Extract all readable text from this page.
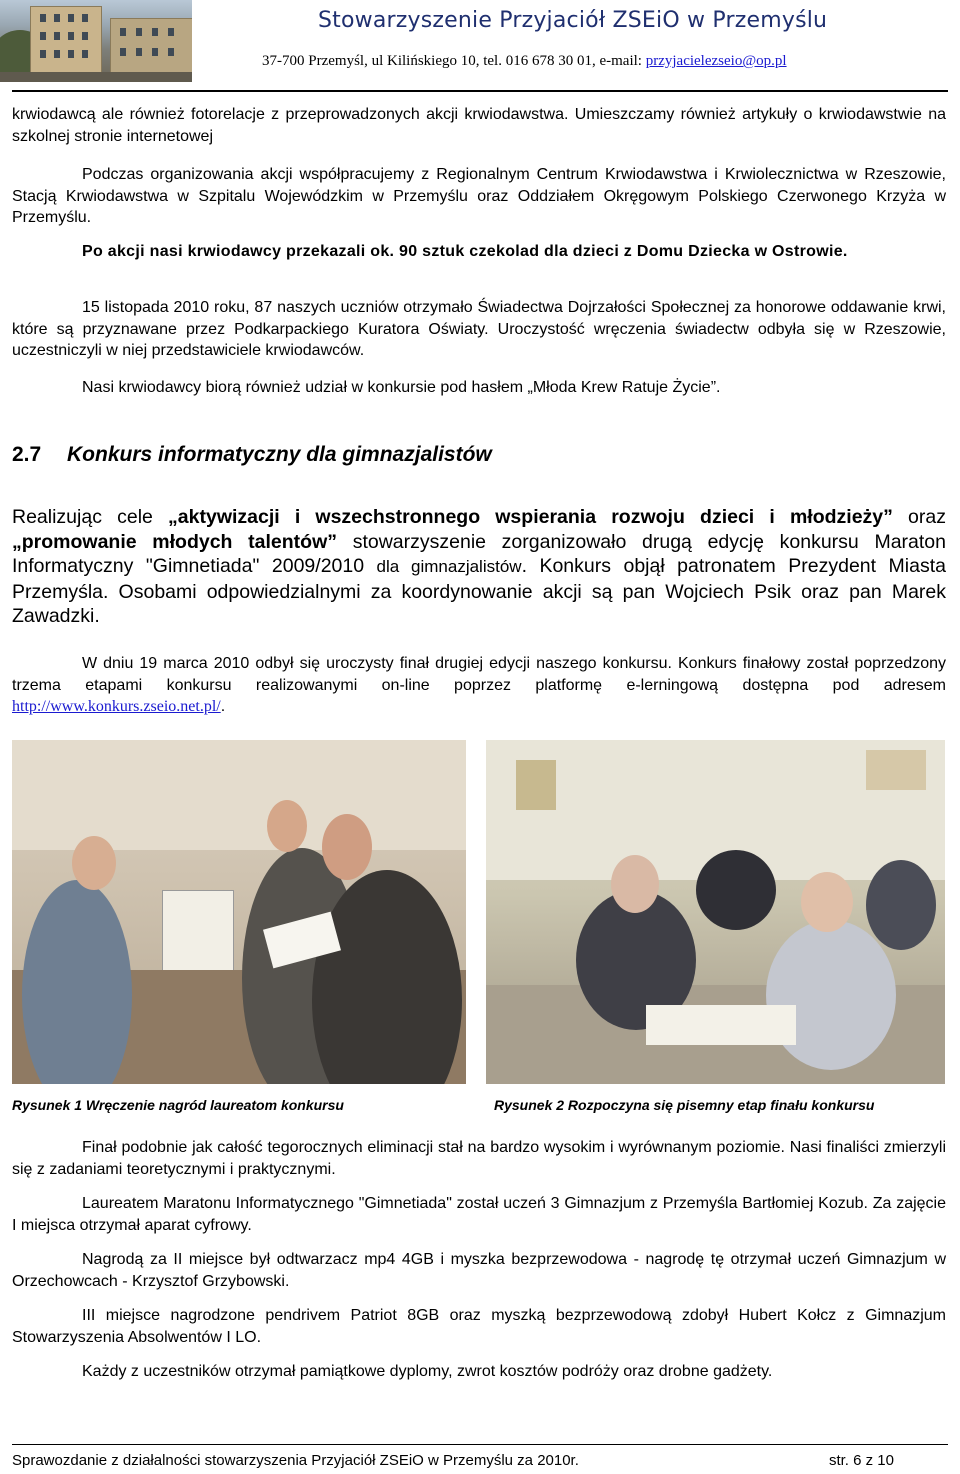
Stowarzyszenie Przyjaciół ZSEiO w Przemyślu
37-700 Przemyśl, ul Kilińskiego 10, tel. 016 678 30 01, e-mail: przyjacielezseio@op.pl
krwiodawcą ale również fotorelacje z przeprowadzonych akcji krwiodawstwa. Umieszczamy również artykuły o krwiodawstwie na szkolnej stronie internetowej
Podczas organizowania akcji współpracujemy z Regionalnym Centrum Krwiodawstwa i Krwiolecznictwa w Rzeszowie, Stacją Krwiodawstwa w Szpitalu Wojewódzkim w Przemyślu oraz Oddziałem Okręgowym Polskiego Czerwonego Krzyża w Przemyślu.
Po akcji nasi krwiodawcy przekazali ok. 90 sztuk czekolad dla dzieci z Domu Dziecka w Ostrowie.
15 listopada 2010 roku, 87 naszych uczniów otrzymało Świadectwa Dojrzałości Społecznej za honorowe oddawanie krwi, które są przyznawane przez Podkarpackiego Kuratora Oświaty. Uroczystość wręczenia świadectw odbyła się w Rzeszowie, uczestniczyli w niej przedstawiciele krwiodawców.
Nasi krwiodawcy biorą również udział w konkursie pod hasłem „Młoda Krew Ratuje Życie”.
2.7 Konkurs informatyczny dla gimnazjalistów
Realizując cele „aktywizacji i wszechstronnego wspierania rozwoju dzieci i młodzieży” oraz „promowanie młodych talentów” stowarzyszenie zorganizowało drugą edycję konkursu Maraton Informatyczny "Gimnetiada" 2009/2010 dla gimnazjalistów. Konkurs objął patronatem Prezydent Miasta Przemyśla. Osobami odpowiedzialnymi za koordynowanie akcji są pan Wojciech Psik oraz pan Marek Zawadzki.
W dniu 19 marca 2010 odbył się uroczysty finał drugiej edycji naszego konkursu. Konkurs finałowy został poprzedzony trzema etapami konkursu realizowanymi on-line poprzez platformę e-lerningową dostępna pod adresem http://www.konkurs.zseio.net.pl/.
Rysunek 1 Wręczenie nagród laureatom konkursu	Rysunek 2 Rozpoczyna się pisemny etap finału konkursu
Finał podobnie jak całość tegorocznych eliminacji stał na bardzo wysokim i wyrównanym poziomie. Nasi finaliści zmierzyli się z zadaniami teoretycznymi i praktycznymi.
Laureatem Maratonu Informatycznego "Gimnetiada" został uczeń 3 Gimnazjum z Przemyśla Bartłomiej Kozub. Za zajęcie I miejsca otrzymał aparat cyfrowy.
Nagrodą za II miejsce był odtwarzacz mp4 4GB i myszka bezprzewodowa - nagrodę tę otrzymał uczeń Gimnazjum w Orzechowcach - Krzysztof Grzybowski.
III miejsce nagrodzone pendrivem Patriot 8GB oraz myszką bezprzewodową zdobył Hubert Kołcz z Gimnazjum Stowarzyszenia Absolwentów I LO.
Każdy z uczestników otrzymał pamiątkowe dyplomy, zwrot kosztów podróży oraz drobne gadżety.
Sprawozdanie z działalności stowarzyszenia Przyjaciół ZSEiO w Przemyślu za 2010r.	str. 6 z 10
